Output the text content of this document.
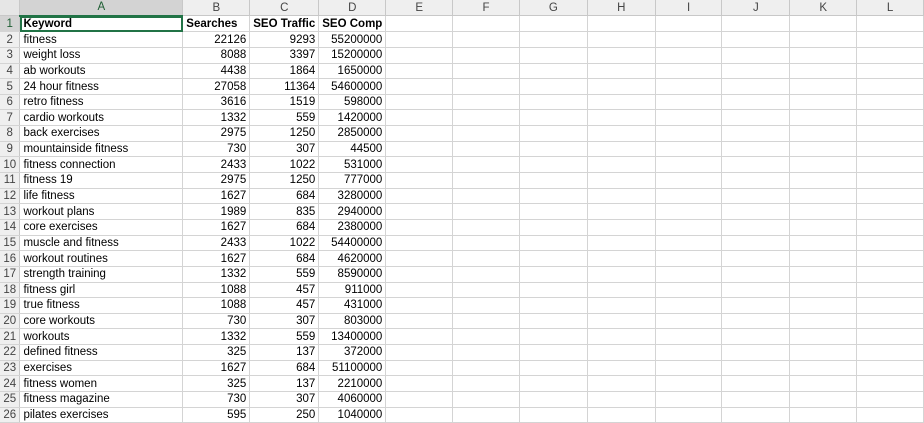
	A	B	C	D	E	F	G	H	I	J	K	L
1	Keyword	Searches	SEO Traffic	SEO Comp								
2	fitness	22126	9293	55200000								
3	weight loss	8088	3397	15200000								
4	ab workouts	4438	1864	1650000								
5	24 hour fitness	27058	11364	54600000								
6	retro fitness	3616	1519	598000								
7	cardio workouts	1332	559	1420000								
8	back exercises	2975	1250	2850000								
9	mountainside fitness	730	307	44500								
10	fitness connection	2433	1022	531000								
11	fitness 19	2975	1250	777000								
12	life fitness	1627	684	3280000								
13	workout plans	1989	835	2940000								
14	core exercises	1627	684	2380000								
15	muscle and fitness	2433	1022	54400000								
16	workout routines	1627	684	4620000								
17	strength training	1332	559	8590000								
18	fitness girl	1088	457	911000								
19	true fitness	1088	457	431000								
20	core workouts	730	307	803000								
21	workouts	1332	559	13400000								
22	defined fitness	325	137	372000								
23	exercises	1627	684	51100000								
24	fitness women	325	137	2210000								
25	fitness magazine	730	307	4060000								
26	pilates exercises	595	250	1040000								
